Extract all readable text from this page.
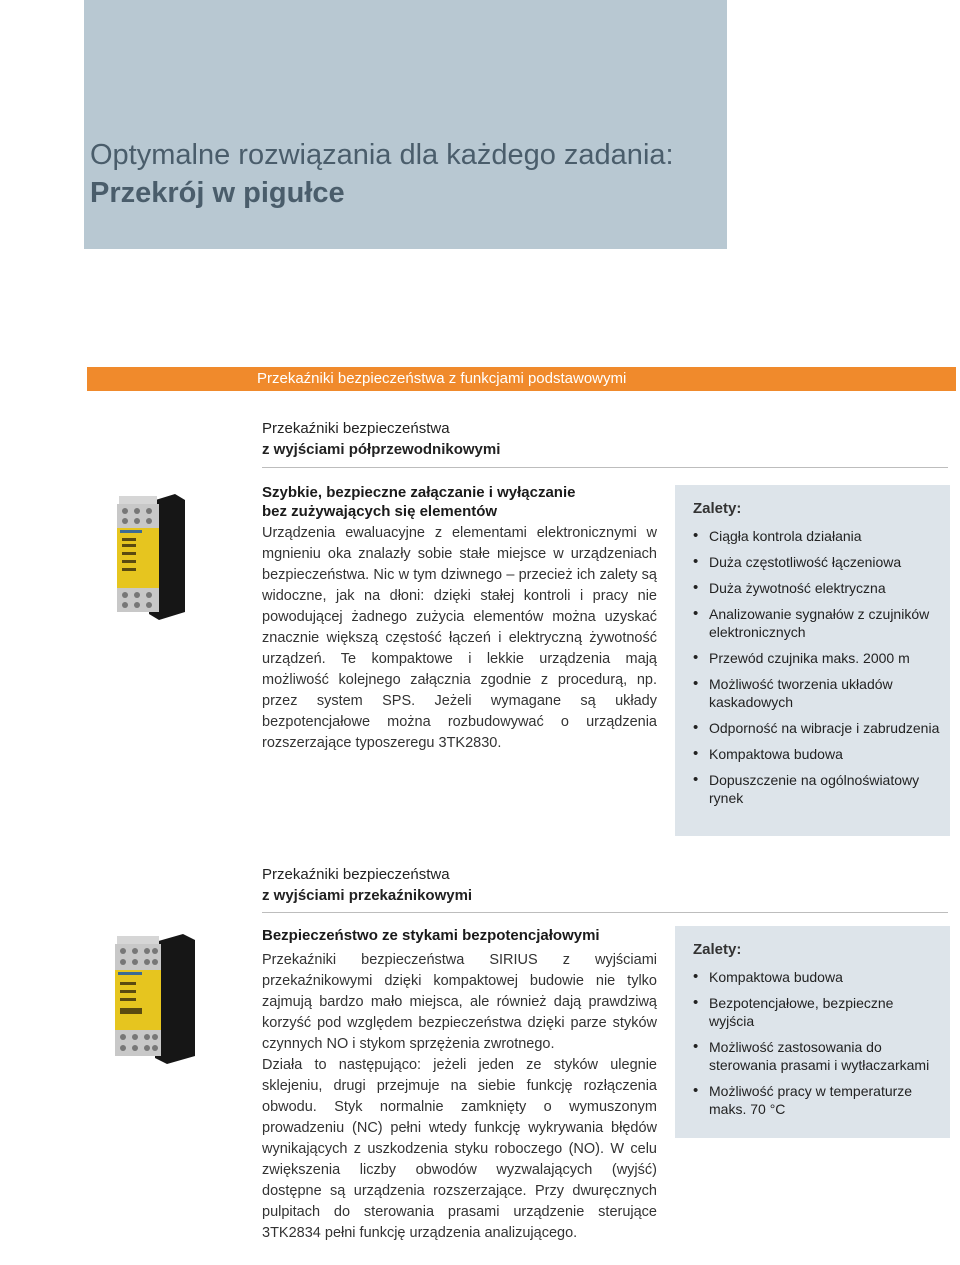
Optymalne rozwiązania dla każdego zadania:
Przekrój w pigułce
Przekaźniki bezpieczeństwa z funkcjami podstawowymi
Przekaźniki bezpieczeństwa
z wyjściami półprzewodnikowymi
Szybkie, bezpieczne załączanie i wyłączanie
bez zużywających się elementów

Urządzenia ewaluacyjne z elementami elektronicznymi w mgnieniu oka znalazły sobie stałe miejsce w urządzeniach bezpieczeństwa. Nic w tym dziwnego – przecież ich zalety są widoczne, jak na dłoni: dzięki stałej kontroli i pracy nie powodującej żadnego zużycia elementów można uzyskać znacznie większą częstość łączeń i elektryczną żywotność urządzeń. Te kompaktowe i lekkie urządzenia mają możliwość kolejnego załącznia zgodnie z procedurą, np. przez system SPS. Jeżeli wymagane są układy bezpotencjałowe można rozbudowywać o urządzenia rozszerzające typoszeregu 3TK2830.

Zalety:
• Ciągła kontrola działania
• Duża częstotliwość łączeniowa
• Duża żywotność elektryczna
• Analizowanie sygnałów z czujników elektronicznych
• Przewód czujnika maks. 2000 m
• Możliwość tworzenia układów kaskadowych
• Odporność na wibracje i zabrudzenia
• Kompaktowa budowa
• Dopuszczenie na ogólnoświatowy rynek
Przekaźniki bezpieczeństwa
z wyjściami przekaźnikowymi
Bezpieczeństwo ze stykami bezpotencjałowymi

Przekaźniki bezpieczeństwa SIRIUS z wyjściami przekaźnikowymi dzięki kompaktowej budowie nie tylko zajmują bardzo mało miejsca, ale również dają prawdziwą korzyść pod względem bezpieczeństwa dzięki parze styków czynnych NO i stykom sprzężenia zwrotnego.

Działa to następująco: jeżeli jeden ze styków ulegnie sklejeniu, drugi przejmuje na siebie funkcję rozłączenia obwodu. Styk normalnie zamknięty o wymuszonym prowadzeniu (NC) pełni wtedy funkcję wykrywania błędów wynikających z uszkodzenia styku roboczego (NO). W celu zwiększenia liczby obwodów wyzwalających (wyjść) dostępne są urządzenia rozszerzające. Przy dwuręcznych pulpitach do sterowania prasami urządzenie sterujące 3TK2834 pełni funkcję urządzenia analizującego.

Zalety:
• Kompaktowa budowa
• Bezpotencjałowe, bezpieczne wyjścia
• Możliwość zastosowania do sterowania prasami i wytłaczarkami
• Możliwość pracy w temperaturze maks. 70 °C
